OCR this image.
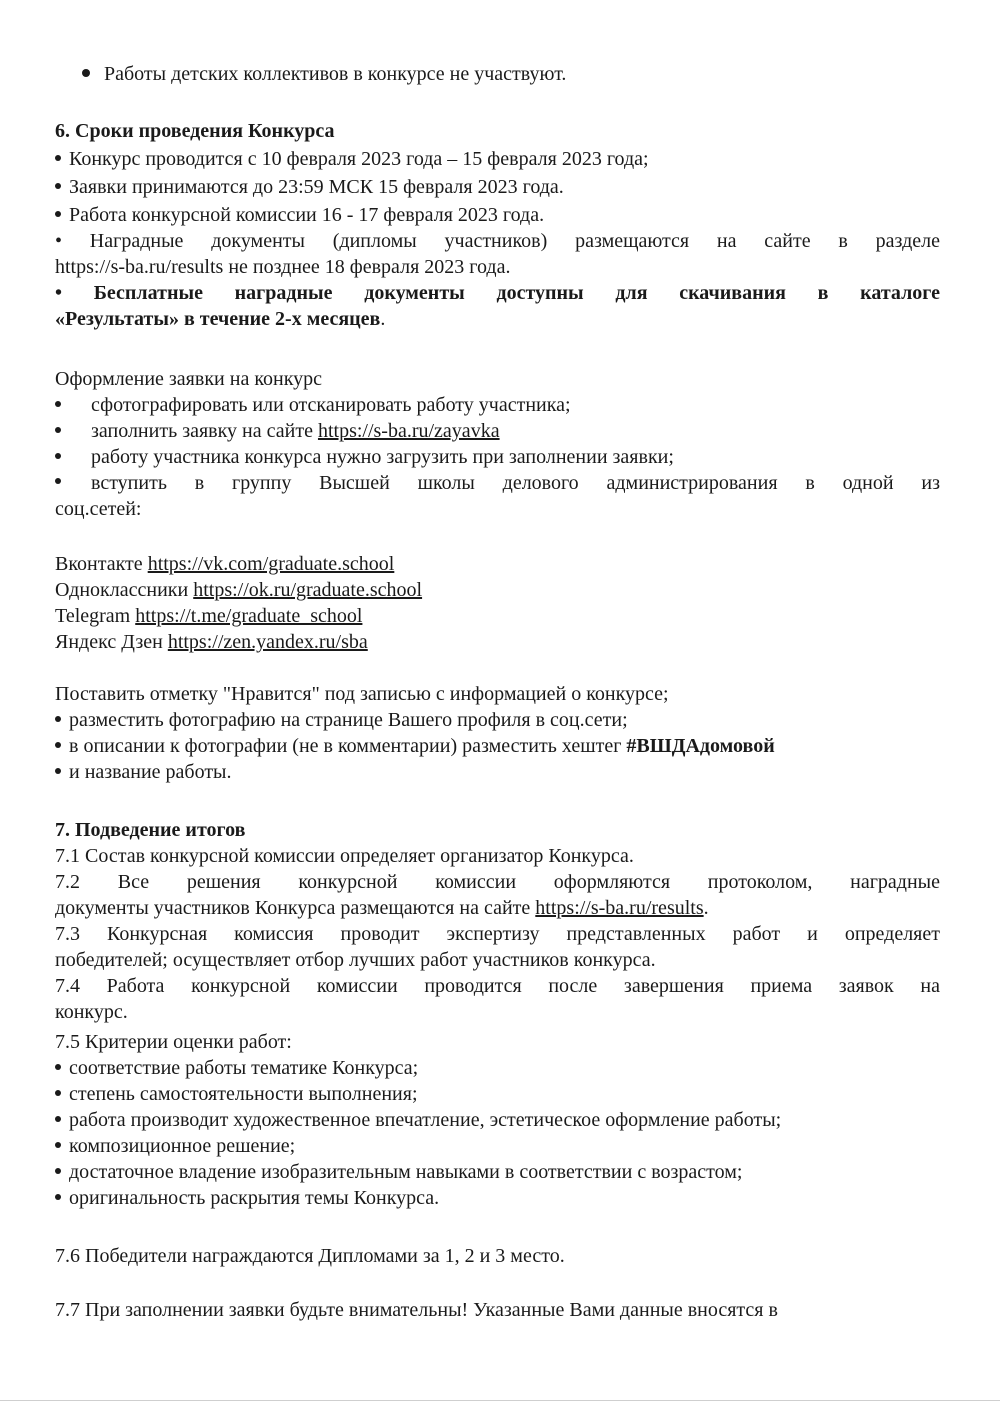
Работы детских коллективов в конкурсе не участвуют.
6. Сроки проведения Конкурса
Конкурс проводится с 10 февраля 2023 года – 15 февраля 2023 года;
Заявки принимаются до 23:59 МСК 15 февраля 2023 года.
Работа конкурсной комиссии 16 - 17 февраля 2023 года.
• Наградные документы (дипломы участников) размещаются на сайте в разделе
https://s-ba.ru/results не позднее 18 февраля 2023 года.
• Бесплатные наградные документы доступны для скачивания в каталоге
«Результаты» в течение 2-х месяцев.
Оформление заявки на конкурс
сфотографировать или отсканировать работу участника;
заполнить заявку на сайте https://s-ba.ru/zayavka
работу участника конкурса нужно загрузить при заполнении заявки;
вступить в группу Высшей школы делового администрирования в одной из
соц.сетей:
Вконтакте https://vk.com/graduate.school
Одноклассники https://ok.ru/graduate.school
Telegram https://t.me/graduate_school
Яндекс Дзен https://zen.yandex.ru/sba
Поставить отметку "Нравится" под записью с информацией о конкурсе;
разместить фотографию на странице Вашего профиля в соц.сети;
в описании к фотографии (не в комментарии) разместить хештег #ВШДАдомовой
и название работы.
7. Подведение итогов
7.1 Состав конкурсной комиссии определяет организатор Конкурса.
7.2 Все решения конкурсной комиссии оформляются протоколом, наградные
документы участников Конкурса размещаются на сайте https://s-ba.ru/results.
7.3 Конкурсная комиссия проводит экспертизу представленных работ и определяет
победителей; осуществляет отбор лучших работ участников конкурса.
7.4 Работа конкурсной комиссии проводится после завершения приема заявок на
конкурс.
7.5 Критерии оценки работ:
соответствие работы тематике Конкурса;
степень самостоятельности выполнения;
работа производит художественное впечатление, эстетическое оформление работы;
композиционное решение;
достаточное владение изобразительным навыками в соответствии с возрастом;
оригинальность раскрытия темы Конкурса.
7.6 Победители награждаются Дипломами за 1, 2 и 3 место.
7.7 При заполнении заявки будьте внимательны! Указанные Вами данные вносятся в
